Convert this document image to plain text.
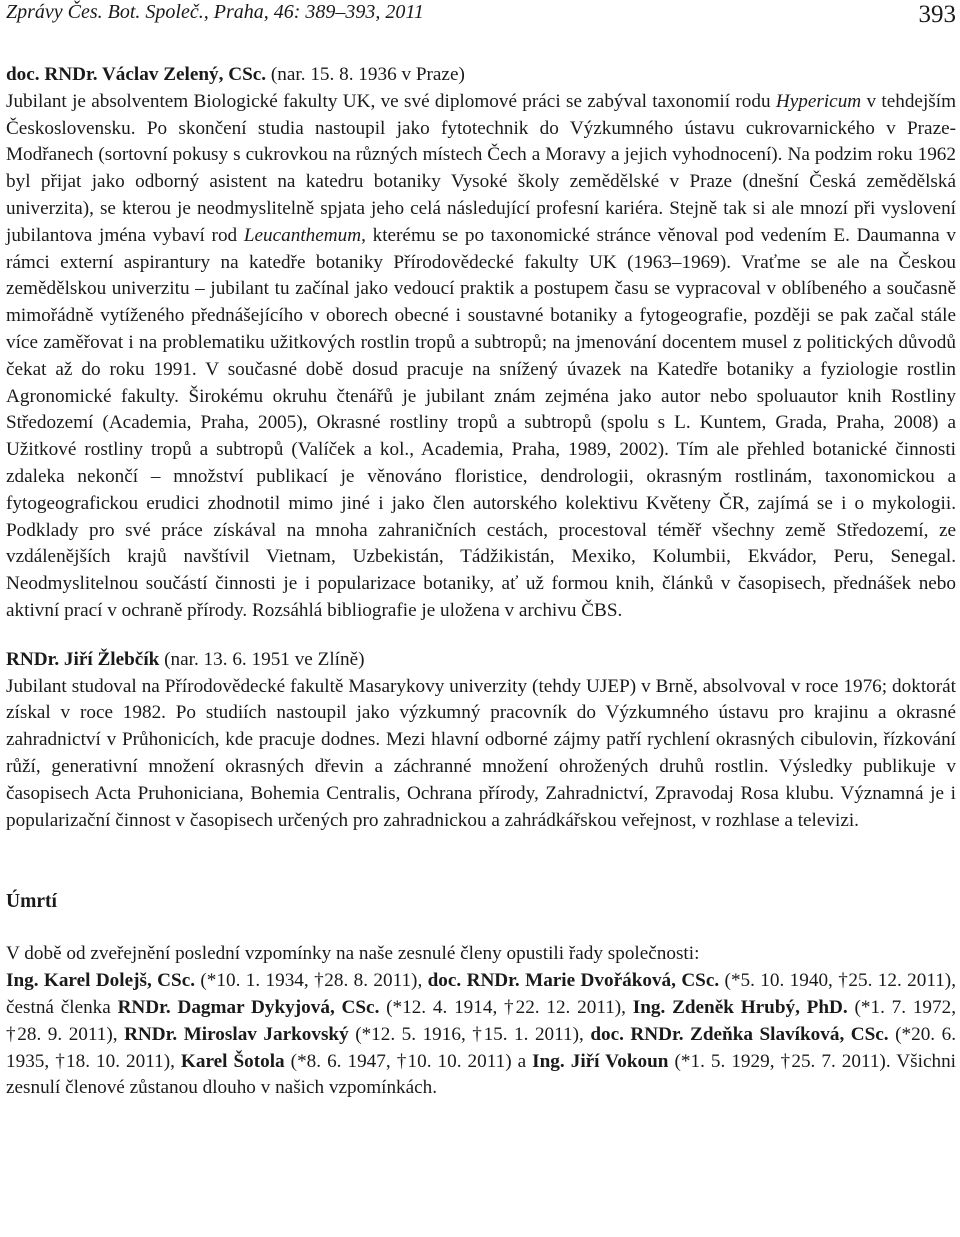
Zprávy Čes. Bot. Společ., Praha, 46: 389–393, 2011	393

doc. RNDr. Václav Zelený, CSc. (nar. 15. 8. 1936 v Praze)
Jubilant je absolventem Biologické fakulty UK, ve své diplomové práci se zabýval taxonomií rodu Hypericum v tehdejším Československu. Po skončení studia nastoupil jako fytotechnik do Výzkumného ústavu cukrovarnického v Praze-Modřanech (sortovní pokusy s cukrovkou na různých místech Čech a Moravy a jejich vyhodnocení). Na podzim roku 1962 byl přijat jako odborný asistent na katedru botaniky Vysoké školy zemědělské v Praze (dnešní Česká zemědělská univerzita), se kterou je neodmyslitelně spjata jeho celá následující profesní kariéra. Stejně tak si ale mnozí při vyslovení jubilantova jména vybaví rod Leucanthemum, kterému se po taxonomické stránce věnoval pod vedením E. Daumanna v rámci externí aspirantury na katedře botaniky Přírodovědecké fakulty UK (1963–1969). Vraťme se ale na Českou zemědělskou univerzitu – jubilant tu začínal jako vedoucí praktik a postupem času se vypracoval v oblíbeného a současně mimořádně vytíženého přednášejícího v oborech obecné i soustavné botaniky a fytogeografie, později se pak začal stále více zaměřovat i na problematiku užitkových rostlin tropů a subtropů; na jmenování docentem musel z politických důvodů čekat až do roku 1991. V současné době dosud pracuje na snížený úvazek na Katedře botaniky a fyziologie rostlin Agronomické fakulty. Širokému okruhu čtenářů je jubilant znám zejména jako autor nebo spoluautor knih Rostliny Středozemí (Academia, Praha, 2005), Okrasné rostliny tropů a subtropů (spolu s L. Kuntem, Grada, Praha, 2008) a Užitkové rostliny tropů a subtropů (Valíček a kol., Academia, Praha, 1989, 2002). Tím ale přehled botanické činnosti zdaleka nekončí – množství publikací je věnováno floristice, dendrologii, okrasným rostlinám, taxonomickou a fytogeografickou erudici zhodnotil mimo jiné i jako člen autorského kolektivu Květeny ČR, zajímá se i o mykologii. Podklady pro své práce získával na mnoha zahraničních cestách, procestoval téměř všechny země Středozemí, ze vzdálenějších krajů navštívil Vietnam, Uzbekistán, Tádžikistán, Mexiko, Kolumbii, Ekvádor, Peru, Senegal. Neodmyslitelnou součástí činnosti je i popularizace botaniky, ať už formou knih, článků v časopisech, přednášek nebo aktivní prací v ochraně přírody. Rozsáhlá bibliografie je uložena v archivu ČBS.

RNDr. Jiří Žlebčík (nar. 13. 6. 1951 ve Zlíně)
Jubilant studoval na Přírodovědecké fakultě Masarykovy univerzity (tehdy UJEP) v Brně, absolvoval v roce 1976; doktorát získal v roce 1982. Po studiích nastoupil jako výzkumný pracovník do Výzkumného ústavu pro krajinu a okrasné zahradnictví v Průhonicích, kde pracuje dodnes. Mezi hlavní odborné zájmy patří rychlení okrasných cibulovin, řízkování růží, generativní množení okrasných dřevin a záchranné množení ohrožených druhů rostlin. Výsledky publikuje v časopisech Acta Pruhoniciana, Bohemia Centralis, Ochrana přírody, Zahradnictví, Zpravodaj Rosa klubu. Významná je i popularizační činnost v časopisech určených pro zahradnickou a zahrádkářskou veřejnost, v rozhlase a televizi.

Úmrtí

V době od zveřejnění poslední vzpomínky na naše zesnulé členy opustili řady společnosti:
Ing. Karel Dolejš, CSc. (*10. 1. 1934, †28. 8. 2011), doc. RNDr. Marie Dvořáková, CSc. (*5. 10. 1940, †25. 12. 2011), čestná členka RNDr. Dagmar Dykyjová, CSc. (*12. 4. 1914, †22. 12. 2011), Ing. Zdeněk Hrubý, PhD. (*1. 7. 1972, †28. 9. 2011), RNDr. Miroslav Jarkovský (*12. 5. 1916, †15. 1. 2011), doc. RNDr. Zdeňka Slavíková, CSc. (*20. 6. 1935, †18. 10. 2011), Karel Šotola (*8. 6. 1947, †10. 10. 2011) a Ing. Jiří Vokoun (*1. 5. 1929, †25. 7. 2011). Všichni zesnulí členové zůstanou dlouho v našich vzpomínkách.
